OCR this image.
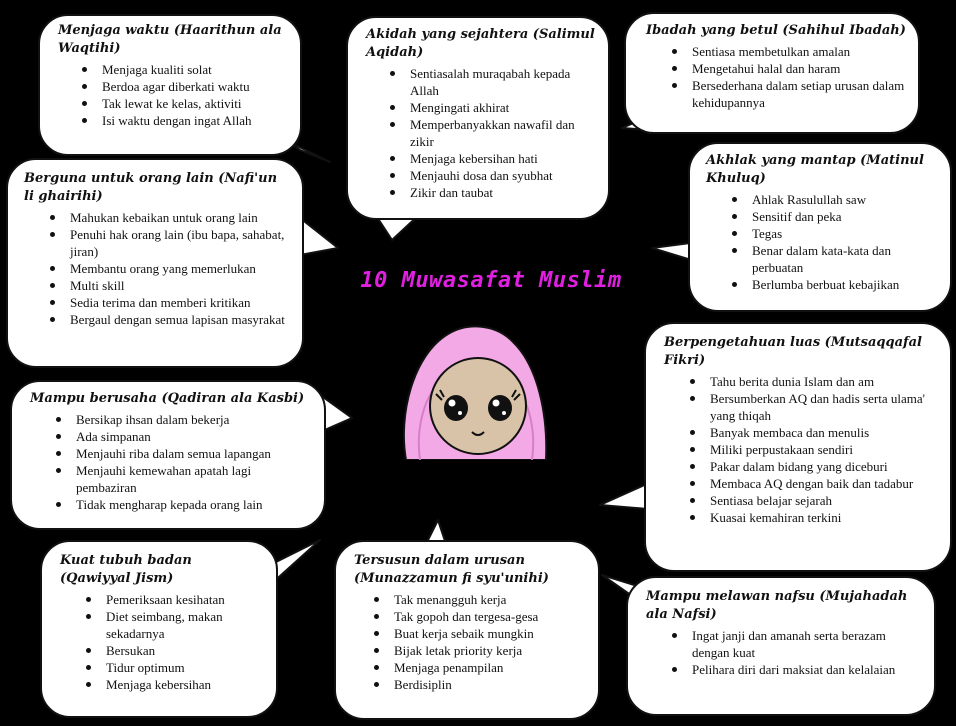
10 Muwasafat Muslim
Menjaga waktu (Haarithun ala Waqtihi)
Menjaga kualiti solat
Berdoa agar diberkati waktu
Tak lewat ke kelas, aktiviti
Isi waktu dengan ingat Allah
Akidah yang sejahtera (Salimul Aqidah)
Sentiasalah muraqabah kepada Allah
Mengingati akhirat
Memperbanyakkan nawafil dan zikir
Menjaga kebersihan hati
Menjauhi dosa dan syubhat
Zikir dan taubat
Ibadah yang betul (Sahihul Ibadah)
Sentiasa membetulkan amalan
Mengetahui halal dan haram
Bersederhana dalam setiap urusan dalam kehidupannya
Berguna untuk orang lain (Nafi'un li ghairihi)
Mahukan kebaikan untuk orang lain
Penuhi hak orang lain (ibu bapa, sahabat, jiran)
Membantu orang yang memerlukan
Multi skill
Sedia terima dan memberi kritikan
Bergaul dengan semua lapisan masyrakat
Akhlak yang mantap (Matinul Khuluq)
Ahlak Rasulullah saw
Sensitif dan peka
Tegas
Benar dalam kata-kata dan perbuatan
Berlumba berbuat kebajikan
Mampu berusaha (Qadiran ala Kasbi)
Bersikap ihsan dalam bekerja
Ada simpanan
Menjauhi riba dalam semua lapangan
Menjauhi kemewahan apatah lagi pembaziran
Tidak mengharap kepada orang lain
Berpengetahuan luas (Mutsaqqafal Fikri)
Tahu berita dunia Islam dan am
Bersumberkan AQ dan hadis serta ulama' yang thiqah
Banyak membaca dan menulis
Miliki perpustakaan sendiri
Pakar dalam bidang yang diceburi
Membaca AQ dengan baik dan tadabur
Sentiasa belajar sejarah
Kuasai kemahiran terkini
Kuat tubuh badan (Qawiyyal Jism)
Pemeriksaan kesihatan
Diet seimbang, makan sekadarnya
Bersukan
Tidur optimum
Menjaga kebersihan
Tersusun dalam urusan (Munazzamun fi syu'unihi)
Tak menangguh kerja
Tak gopoh dan tergesa-gesa
Buat kerja sebaik mungkin
Bijak letak priority kerja
Menjaga penampilan
Berdisiplin
Mampu melawan nafsu (Mujahadah ala Nafsi)
Ingat janji dan amanah serta berazam dengan kuat
Pelihara diri dari maksiat dan kelalaian
